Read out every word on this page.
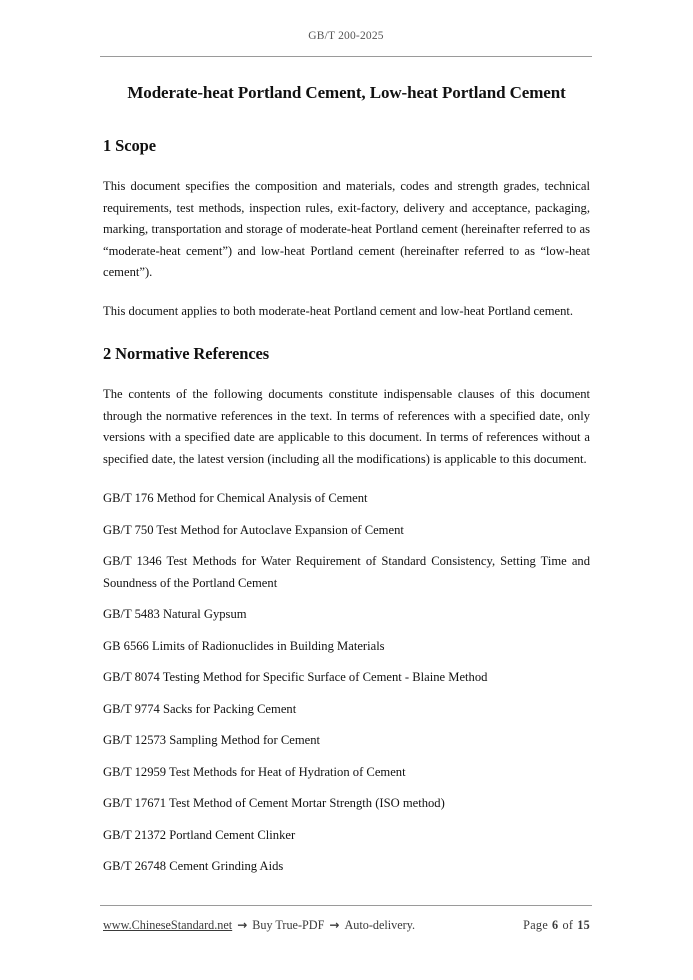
GB/T 200-2025
Moderate-heat Portland Cement, Low-heat Portland Cement
1 Scope

This document specifies the composition and materials, codes and strength grades, technical requirements, test methods, inspection rules, exit-factory, delivery and acceptance, packaging, marking, transportation and storage of moderate-heat Portland cement (hereinafter referred to as “moderate-heat cement”) and low-heat Portland cement (hereinafter referred to as “low-heat cement”).

This document applies to both moderate-heat Portland cement and low-heat Portland cement.

2 Normative References

The contents of the following documents constitute indispensable clauses of this document through the normative references in the text. In terms of references with a specified date, only versions with a specified date are applicable to this document. In terms of references without a specified date, the latest version (including all the modifications) is applicable to this document.

GB/T 176 Method for Chemical Analysis of Cement

GB/T 750 Test Method for Autoclave Expansion of Cement

GB/T 1346 Test Methods for Water Requirement of Standard Consistency, Setting Time and Soundness of the Portland Cement

GB/T 5483 Natural Gypsum

GB 6566 Limits of Radionuclides in Building Materials

GB/T 8074 Testing Method for Specific Surface of Cement - Blaine Method

GB/T 9774 Sacks for Packing Cement

GB/T 12573 Sampling Method for Cement

GB/T 12959 Test Methods for Heat of Hydration of Cement

GB/T 17671 Test Method of Cement Mortar Strength (ISO method)

GB/T 21372 Portland Cement Clinker

GB/T 26748 Cement Grinding Aids

www.ChineseStandard.net → Buy True-PDF → Auto-delivery.	Page 6 of 15
